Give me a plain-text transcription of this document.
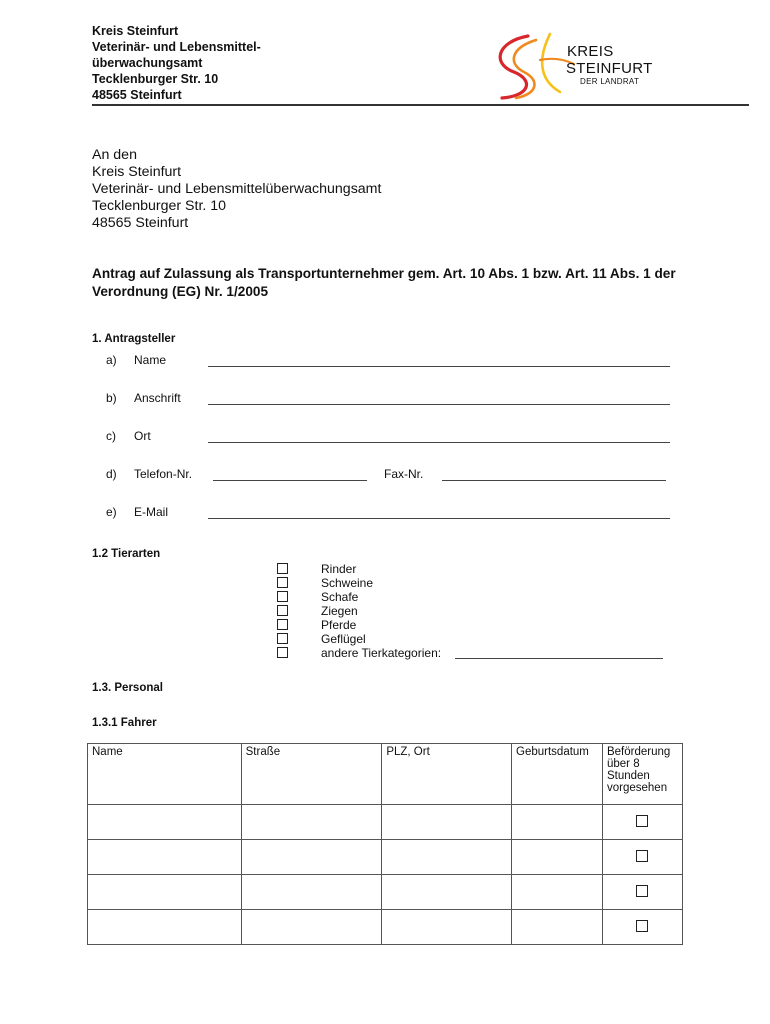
Kreis Steinfurt
Veterinär- und Lebensmittel-
überwachungsamt
Tecklenburger Str. 10
48565 Steinfurt
KREIS
STEINFURT
DER LANDRAT
An den
Kreis Steinfurt
Veterinär- und Lebensmittelüberwachungsamt
Tecklenburger Str. 10
48565 Steinfurt
Antrag auf Zulassung als Transportunternehmer gem. Art. 10 Abs. 1 bzw. Art. 11 Abs. 1 der Verordnung (EG) Nr. 1/2005
1. Antragsteller
a) Name
b) Anschrift
c) Ort
d) Telefon-Nr.	Fax-Nr.
e) E-Mail
1.2 Tierarten
Rinder
Schweine
Schafe
Ziegen
Pferde
Geflügel
andere Tierkategorien:
1.3. Personal
1.3.1 Fahrer
Name	Straße	PLZ, Ort	Geburtsdatum	Beförderung über 8 Stunden vorgesehen
